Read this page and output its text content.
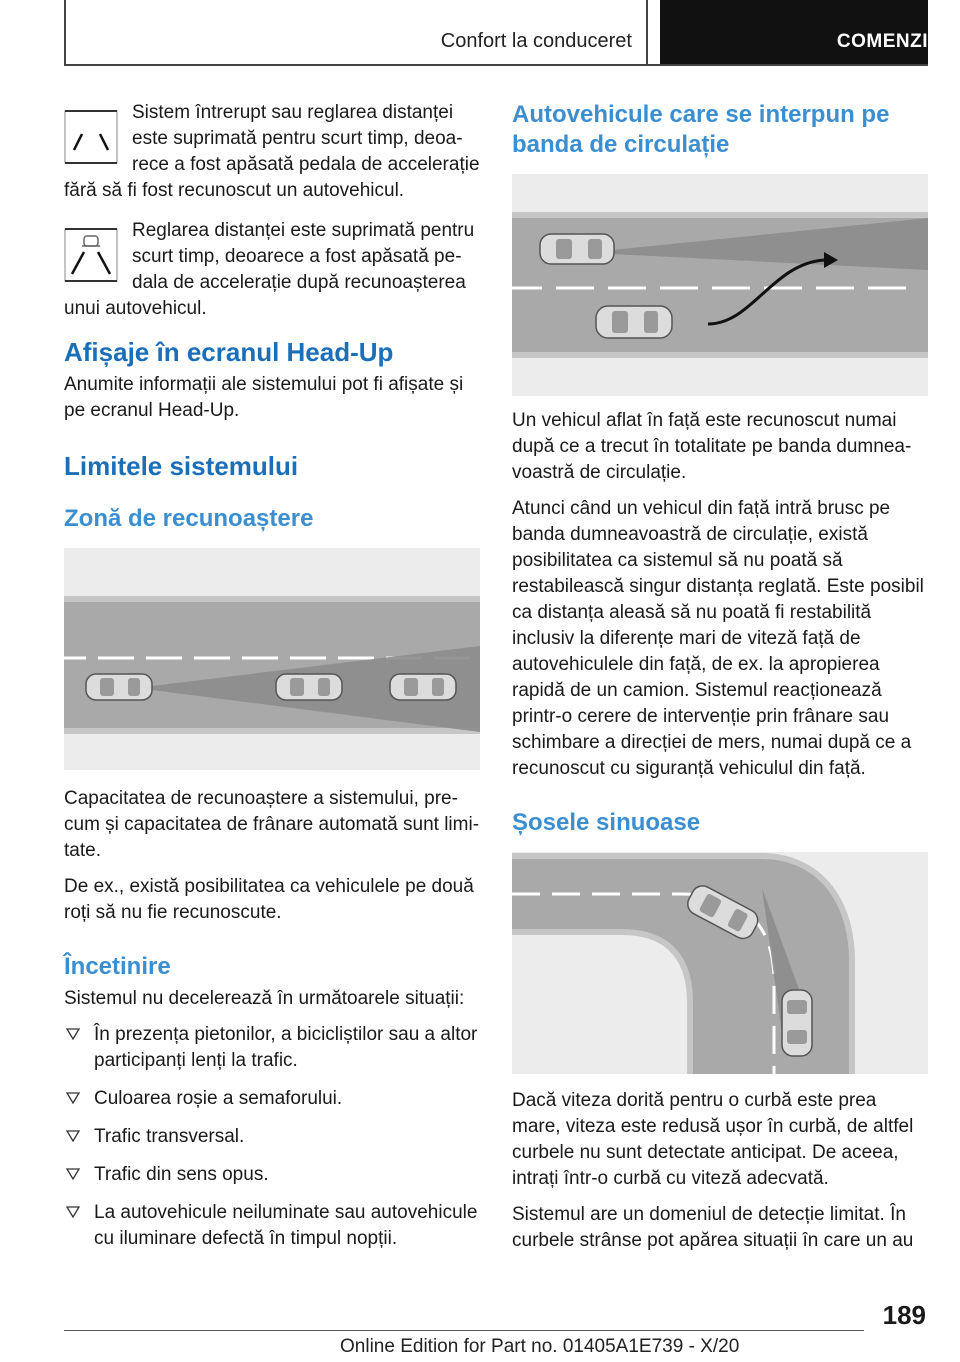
Confort la conduceret	COMENZI

Sistem întrerupt sau reglarea distanței este suprimată pentru scurt timp, deoarece a fost apăsată pedala de accelerație fără să fi fost recunoscut un autovehicul.

Reglarea distanței este suprimată pentru scurt timp, deoarece a fost apăsată pedala de accelerație după recunoașterea unui autovehicul.

Afișaje în ecranul Head-Up

Anumite informații ale sistemului pot fi afișate și pe ecranul Head-Up.

Limitele sistemului
Zonă de recunoaștere

Capacitatea de recunoaștere a sistemului, precum și capacitatea de frânare automată sunt limitate.

De ex., există posibilitatea ca vehiculele pe două roți să nu fie recunoscute.

Încetinire

Sistemul nu decelerează în următoarele situații:

În prezența pietonilor, a bicicliștilor sau a altor participanți lenți la trafic.
Culoarea roșie a semaforului.
Trafic transversal.
Trafic din sens opus.
La autovehicule neiluminate sau autovehicule cu iluminare defectă în timpul nopții.
Autovehicule care se interpun pe banda de circulație

Un vehicul aflat în față este recunoscut numai după ce a trecut în totalitate pe banda dumneavoastră de circulație.

Atunci când un vehicul din față intră brusc pe banda dumneavoastră de circulație, există posibilitatea ca sistemul să nu poată să restabilească singur distanța reglată. Este posibil ca distanța aleasă să nu poată fi restabilită inclusiv la diferențe mari de viteză față de autovehiculele din față, de ex. la apropierea rapidă de un camion. Sistemul reacționează printr-o cerere de intervenție prin frânare sau schimbare a direcției de mers, numai după ce a recunoscut cu siguranță vehiculul din față.

Șosele sinuoase

Dacă viteza dorită pentru o curbă este prea mare, viteza este redusă ușor în curbă, de altfel curbele nu sunt detectate anticipat. De aceea, intrați într-o curbă cu viteză adecvată.

Sistemul are un domeniul de detecție limitat. În curbele strânse pot apărea situații în care un au

189
Online Edition for Part no. 01405A1E739 - X/20
